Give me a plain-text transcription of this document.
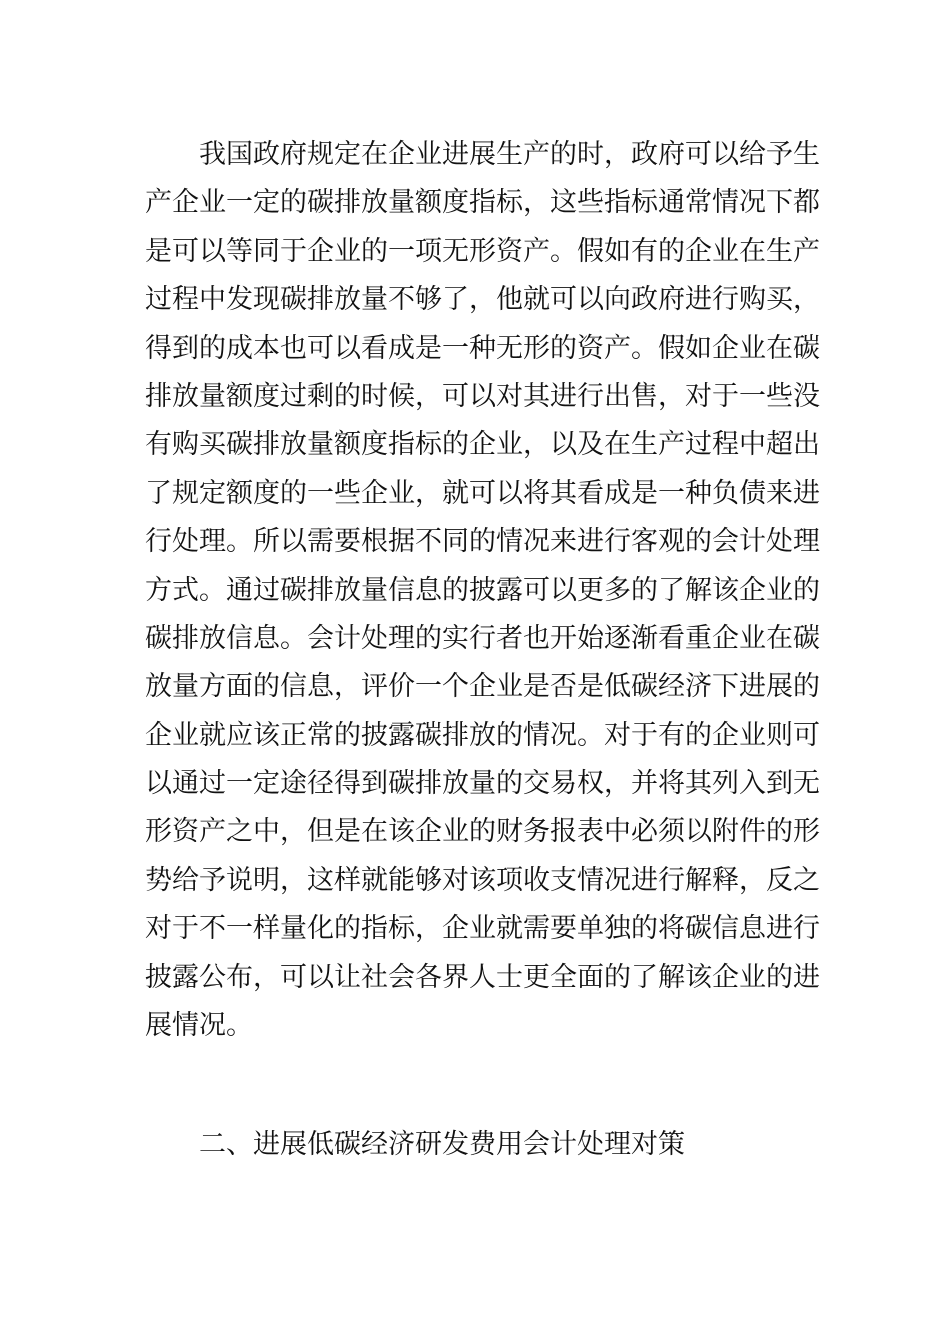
我国政府规定在企业进展生产的时，政府可以给予生
产企业一定的碳排放量额度指标，这些指标通常情况下都
是可以等同于企业的一项无形资产。假如有的企业在生产
过程中发现碳排放量不够了，他就可以向政府进行购买，
得到的成本也可以看成是一种无形的资产。假如企业在碳
排放量额度过剩的时候，可以对其进行出售，对于一些没
有购买碳排放量额度指标的企业，以及在生产过程中超出
了规定额度的一些企业，就可以将其看成是一种负债来进
行处理。所以需要根据不同的情况来进行客观的会计处理
方式。通过碳排放量信息的披露可以更多的了解该企业的
碳排放信息。会计处理的实行者也开始逐渐看重企业在碳
放量方面的信息，评价一个企业是否是低碳经济下进展的
企业就应该正常的披露碳排放的情况。对于有的企业则可
以通过一定途径得到碳排放量的交易权，并将其列入到无
形资产之中，但是在该企业的财务报表中必须以附件的形
势给予说明，这样就能够对该项收支情况进行解释，反之
对于不一样量化的指标，企业就需要单独的将碳信息进行
披露公布，可以让社会各界人士更全面的了解该企业的进
展情况。
二、进展低碳经济研发费用会计处理对策
